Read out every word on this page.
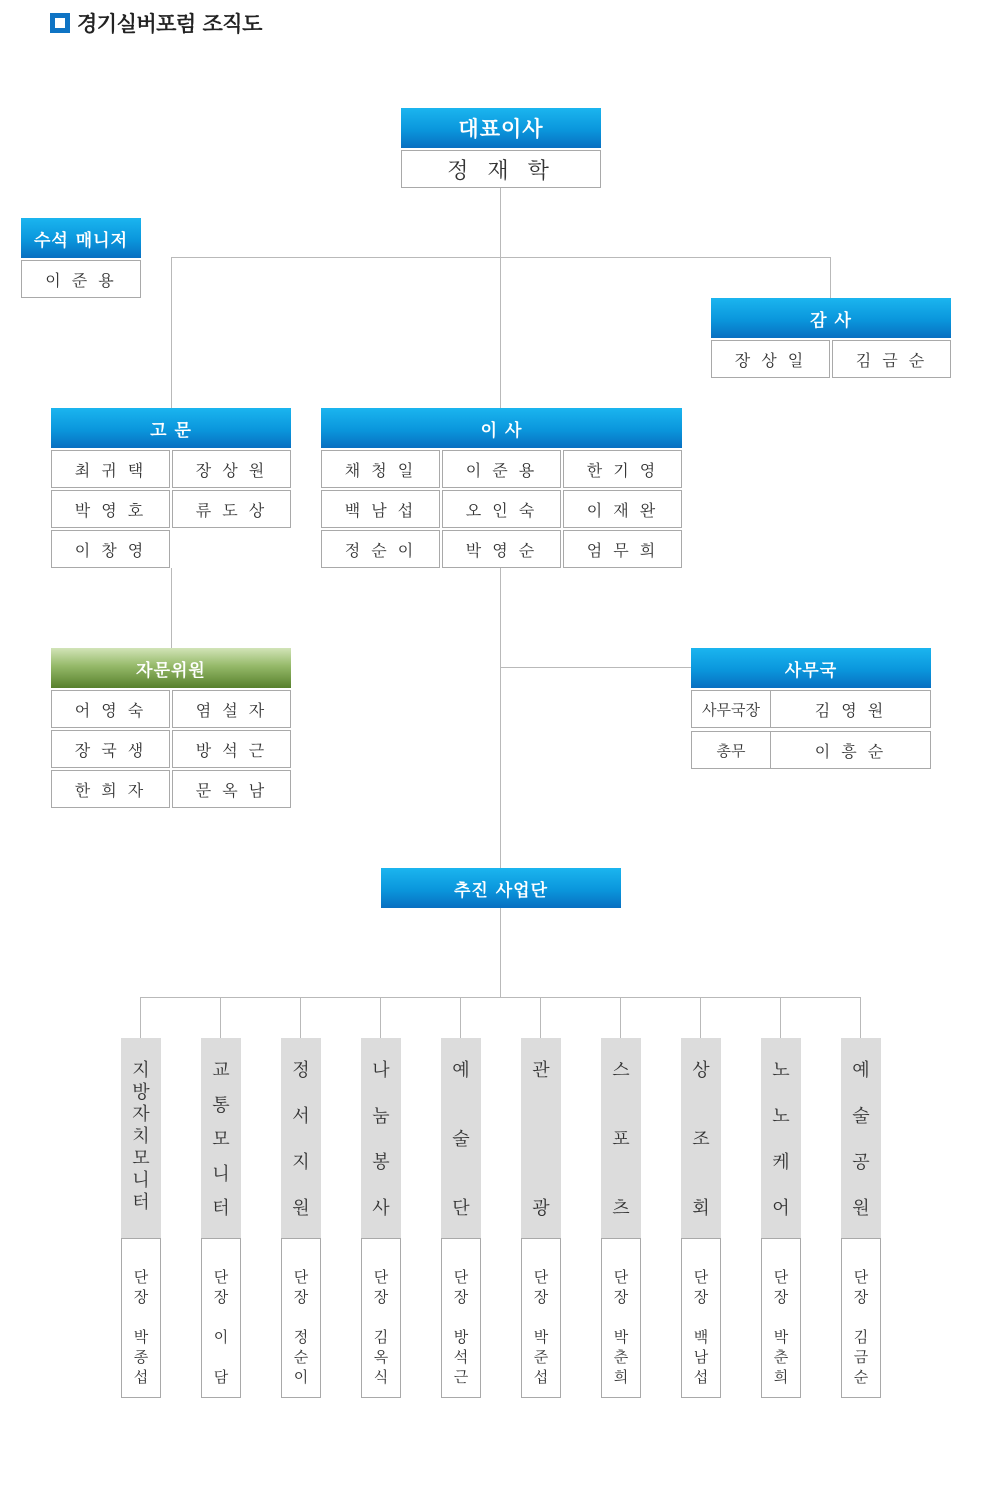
경기실버포럼 조직도
대표이사
정 재 학
수석 매니저
이 준 용
감 사
장 상 일	김 금 순
고 문
최 귀 택	장 상 원
박 영 호	류 도 상
이 창 영
이 사
채 청 일	이 준 용	한 기 영
백 남 섭	오 인 숙	이 재 완
정 순 이	박 영 순	엄 무 희
자문위원
어 영 숙	염 설 자
장 국 생	방 석 근
한 희 자	문 옥 남
사무국
사무국장	김 영 원
총무	이 흥 순
추진 사업단
지
방
자
치
모
니
터
단
장

박
종
섭
교
통
모
니
터
단
장

이

담
정
서
지
원
단
장

정
순
이
나
눔
봉
사
단
장

김
옥
식
예
술
단
단
장

방
석
근
관
광
단
장

박
준
섭
스
포
츠
단
장

박
춘
희
상
조
회
단
장

백
남
섭
노
노
케
어
단
장

박
춘
희
예
술
공
원
단
장

김
금
순
